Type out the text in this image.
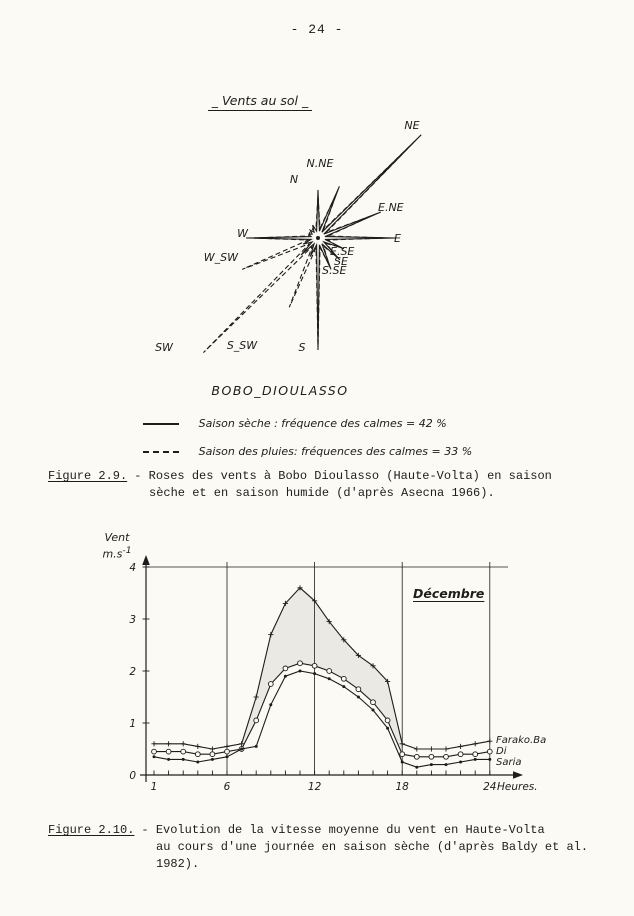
- 24 -
_ Vents au sol _
NE
N.NE
N
E.NE
E
W
W_SW	E.SE
SE
S.SE
SW	S_SW	S
BOBO_DIOULASSO
Saison sèche : fréquence des calmes = 42 %
Saison des pluies: fréquences des calmes = 33 %
Figure 2.9. - Roses des vents à Bobo Dioulasso (Haute-Volta) en saison
sèche et en saison humide (d'après Asecna 1966).
Vent
$m.s^{-1}$
0
1
2
3
4
1	6	12	18	24
Décembre
Heures.
Farako.Ba
Di
Saria
Figure 2.10. - Evolution de la vitesse moyenne du vent en Haute-Volta
au cours d'une journée en saison sèche (d'après Baldy et al.
1982).
